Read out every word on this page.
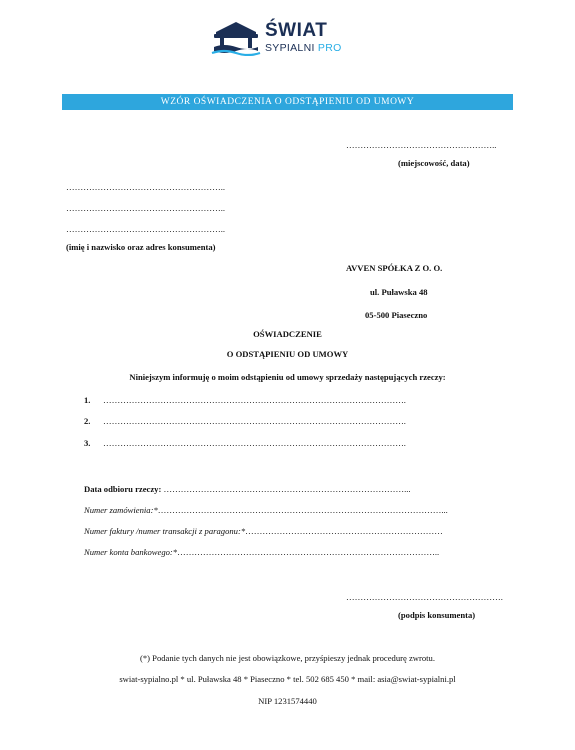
ŚWIAT
SYPIALNI PRO
WZÓR OŚWIADCZENIA O ODSTĄPIENIU OD UMOWY
……………………………………………..
(miejscowość, data)
………………………………………………..
………………………………………………..
………………………………………………..
(imię i nazwisko oraz adres konsumenta)
AVVEN SPÓŁKA Z O. O.
ul. Puławska 48
05-500 Piaseczno
OŚWIADCZENIE
O ODSTĄPIENIU OD UMOWY
Niniejszym informuję o moim odstąpieniu od umowy sprzedaży następujących rzeczy:
1. …………………………………………………………………………………………….
2. …………………………………………………………………………………………….
3. …………………………………………………………………………………………….
Data odbioru rzeczy: …………………………………………………………………………...
Numer zamówienia:*………………………………………………………………………………………...
Numer faktury /numer transakcji z paragonu:*……………………………………………………………
Numer konta bankowego:*………………………………………………………………………………..
……………………………………………….
(podpis konsumenta)
(*) Podanie tych danych nie jest obowiązkowe, przyśpieszy jednak procedurę zwrotu.
swiat-sypialno.pl * ul. Puławska 48 * Piaseczno * tel. 502 685 450 * mail: asia@swiat-sypialni.pl
NIP 1231574440
